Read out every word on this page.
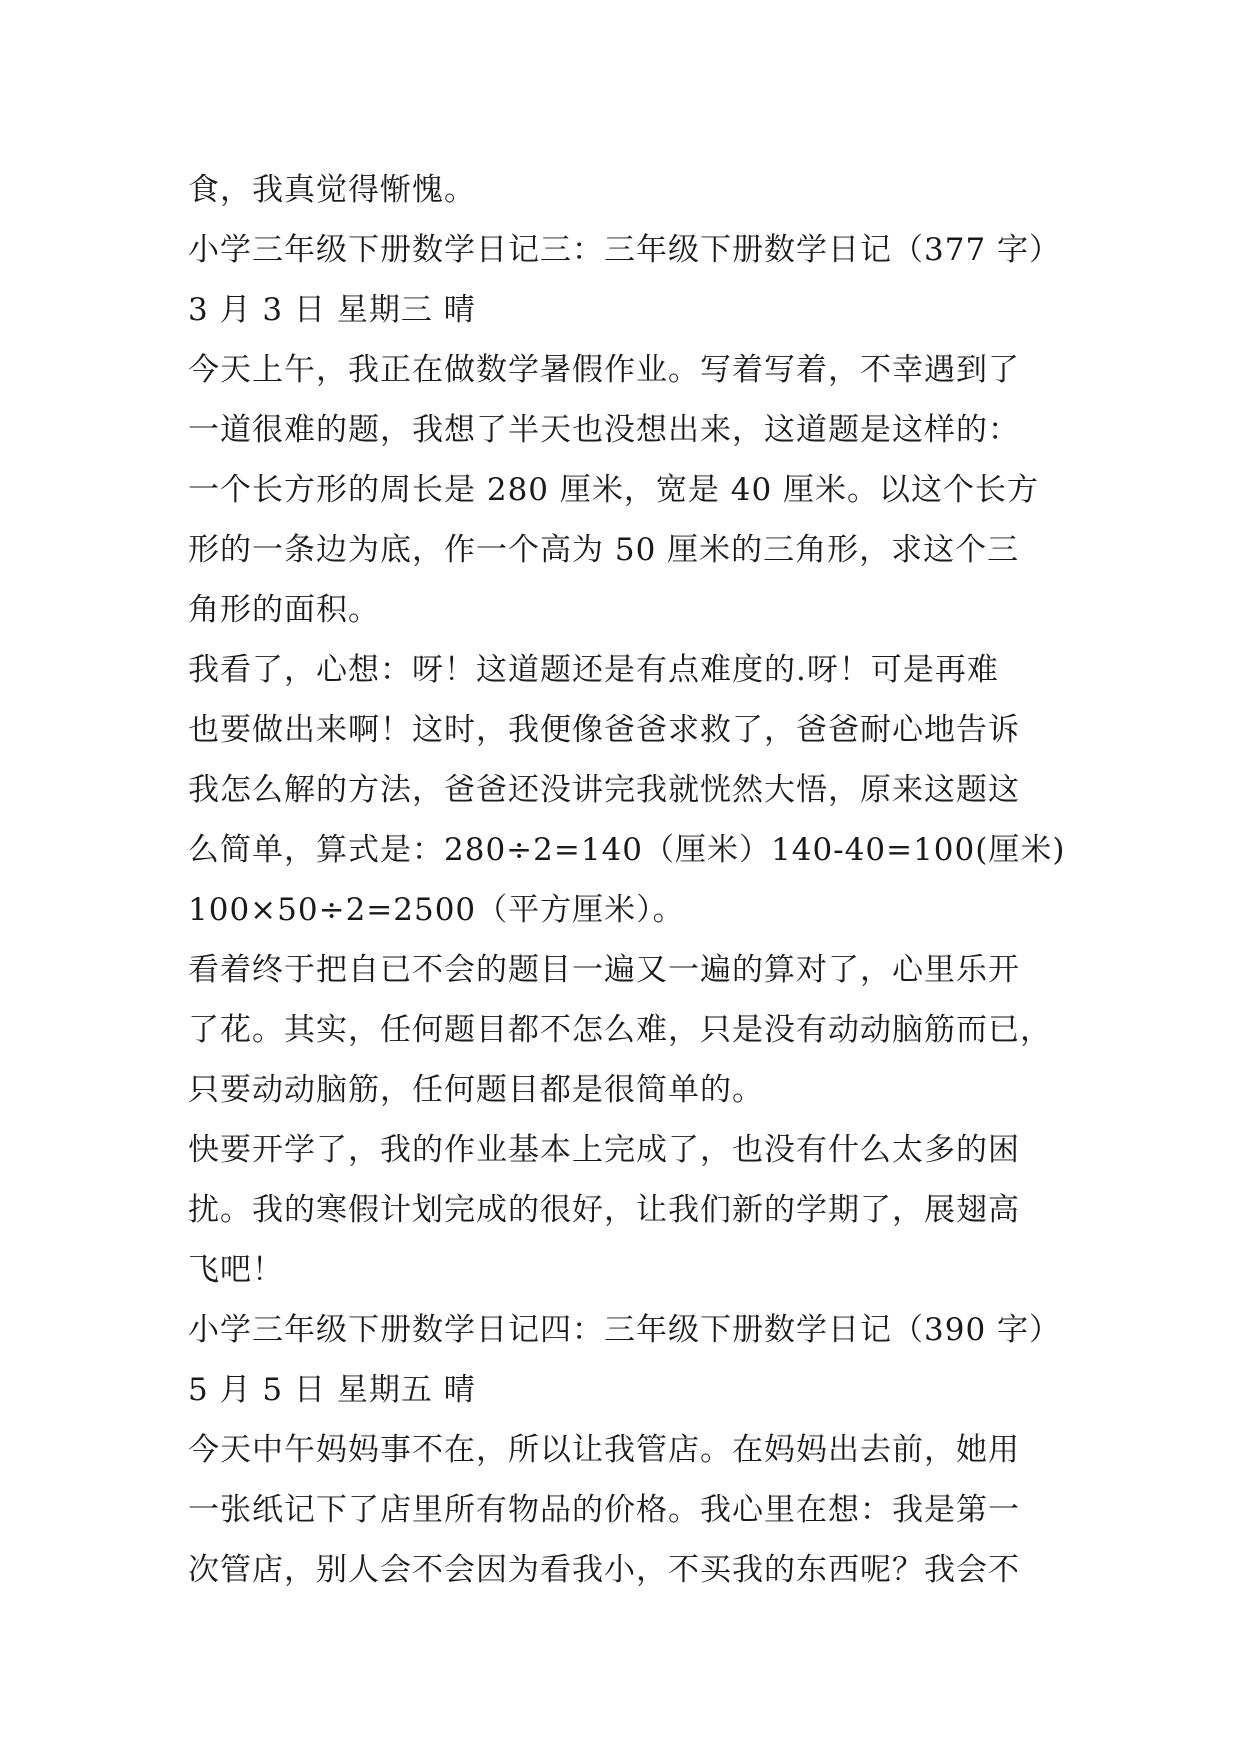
食，我真觉得惭愧。
小学三年级下册数学日记三：三年级下册数学日记（377 字）
3 月 3 日 星期三 晴
今天上午，我正在做数学暑假作业。写着写着，不幸遇到了
一道很难的题，我想了半天也没想出来，这道题是这样的：
一个长方形的周长是 280 厘米，宽是 40 厘米。以这个长方
形的一条边为底，作一个高为 50 厘米的三角形，求这个三
角形的面积。
我看了，心想：呀！这道题还是有点难度的.呀！可是再难
也要做出来啊！这时，我便像爸爸求救了，爸爸耐心地告诉
我怎么解的方法，爸爸还没讲完我就恍然大悟，原来这题这
么简单，算式是：280÷2=140（厘米）140-40=100(厘米)
100×50÷2=2500（平方厘米）。
看着终于把自已不会的题目一遍又一遍的算对了，心里乐开
了花。其实，任何题目都不怎么难，只是没有动动脑筋而已，
只要动动脑筋，任何题目都是很简单的。
快要开学了，我的作业基本上完成了，也没有什么太多的困
扰。我的寒假计划完成的很好，让我们新的学期了，展翅高
飞吧！
小学三年级下册数学日记四：三年级下册数学日记（390 字）
5 月 5 日 星期五 晴
今天中午妈妈事不在，所以让我管店。在妈妈出去前，她用
一张纸记下了店里所有物品的价格。我心里在想：我是第一
次管店，别人会不会因为看我小，不买我的东西呢？我会不
